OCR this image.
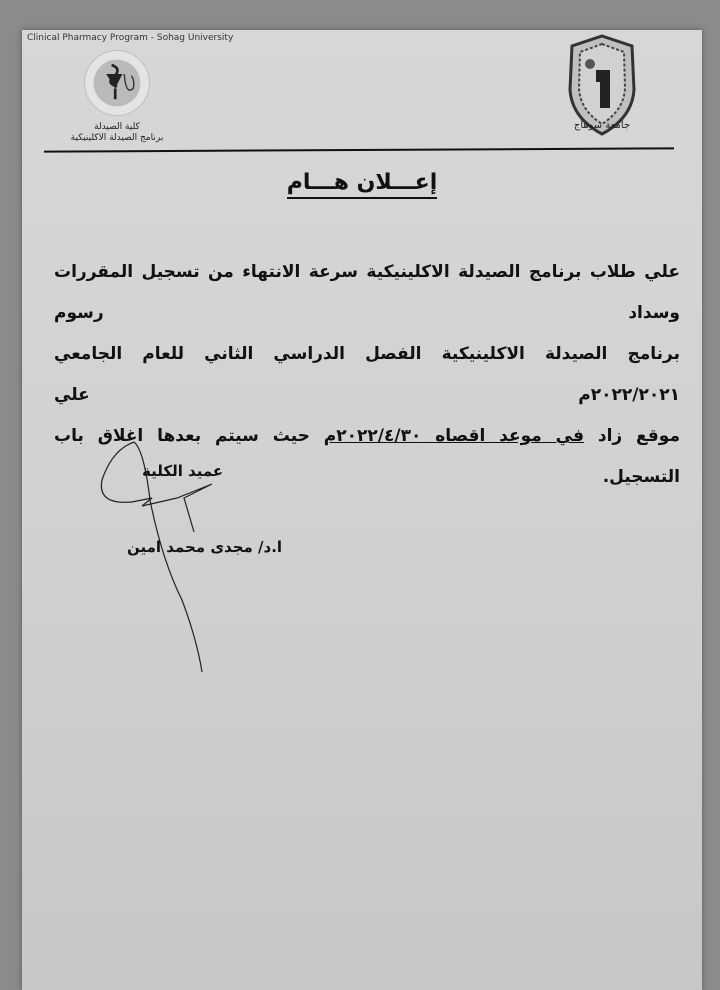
جامعة سوهاج
Clinical Pharmacy Program - Sohag University
كلية الصيدلة
برنامج الصيدلة الاكلينيكية
إعـــلان هـــام
علي طلاب برنامج الصيدلة الاكلينيكية سرعة الانتهاء من تسجيل المقررات وسداد رسوم
برنامج الصيدلة الاكلينيكية الفصل الدراسي الثاني للعام الجامعي ٢٠٢٢/٢٠٢١م علي
موقع زاد في موعد اقصاه ٢٠٢٢/٤/٣٠م حيث سيتم بعدها اغلاق باب التسجيل.
عميد الكلية
ا.د/ مجدى محمد امين
